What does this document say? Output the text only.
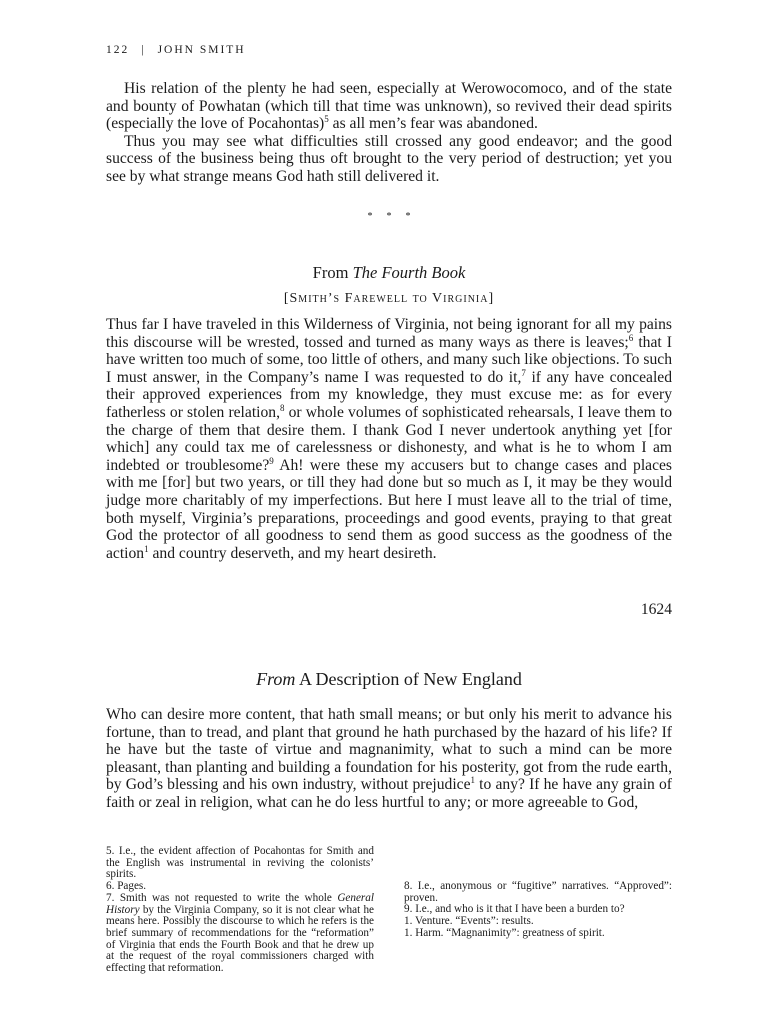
122 | JOHN SMITH

His relation of the plenty he had seen, especially at Werowocomoco, and of the state and bounty of Powhatan (which till that time was unknown), so revived their dead spirits (especially the love of Pocahontas)$^5$ as all men’s fear was abandoned.

Thus you may see what difficulties still crossed any good endeavor; and the good success of the business being thus oft brought to the very period of destruction; yet you see by what strange means God hath still delivered it.

* * *
From The Fourth Book
[Smith’s Farewell to Virginia]

Thus far I have traveled in this Wilderness of Virginia, not being ignorant for all my pains this discourse will be wrested, tossed and turned as many ways as there is leaves;$^6$ that I have written too much of some, too little of others, and many such like objections. To such I must answer, in the Company’s name I was requested to do it,$^7$ if any have concealed their approved experiences from my knowledge, they must excuse me: as for every fatherless or stolen relation,$^8$ or whole volumes of sophisticated rehearsals, I leave them to the charge of them that desire them. I thank God I never undertook anything yet [for which] any could tax me of carelessness or dishonesty, and what is he to whom I am indebted or troublesome?$^9$ Ah! were these my accusers but to change cases and places with me [for] but two years, or till they had done but so much as I, it may be they would judge more charitably of my imperfections. But here I must leave all to the trial of time, both myself, Virginia’s preparations, proceedings and good events, praying to that great God the protector of all goodness to send them as good success as the goodness of the action$^1$ and country deserveth, and my heart desireth.

1624
From A Description of New England

Who can desire more content, that hath small means; or but only his merit to advance his fortune, than to tread, and plant that ground he hath purchased by the hazard of his life? If he have but the taste of virtue and magnanimity, what to such a mind can be more pleasant, than planting and building a foundation for his posterity, got from the rude earth, by God’s blessing and his own industry, without prejudice$^1$ to any? If he have any grain of faith or zeal in religion, what can he do less hurtful to any; or more agreeable to God,

5. I.e., the evident affection of Pocahontas for Smith and the English was instrumental in reviving the colonists’ spirits.

6. Pages.

7. Smith was not requested to write the whole General History by the Virginia Company, so it is not clear what he means here. Possibly the discourse to which he refers is the brief summary of recommendations for the “reformation” of Virginia that ends the Fourth Book and that he drew up at the request of the royal commissioners charged with effecting that reformation.

8. I.e., anonymous or “fugitive” narratives. “Approved”: proven.

9. I.e., and who is it that I have been a burden to?

1. Venture. “Events”: results.

1. Harm. “Magnanimity”: greatness of spirit.
